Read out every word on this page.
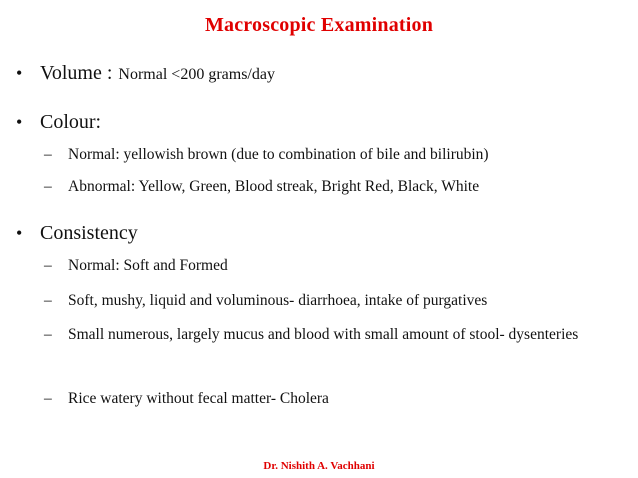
Macroscopic Examination
• Volume : Normal <200 grams/day
• Colour:
–	Normal: yellowish brown (due to combination of bile and bilirubin)
–	Abnormal: Yellow, Green, Blood streak, Bright Red, Black, White
• Consistency
–	Normal: Soft and Formed
–	Soft, mushy, liquid and voluminous- diarrhoea, intake of purgatives
–	Small numerous, largely mucus and blood with small amount of stool- dysenteries
–	Rice watery without fecal matter- Cholera
Dr. Nishith A. Vachhani
